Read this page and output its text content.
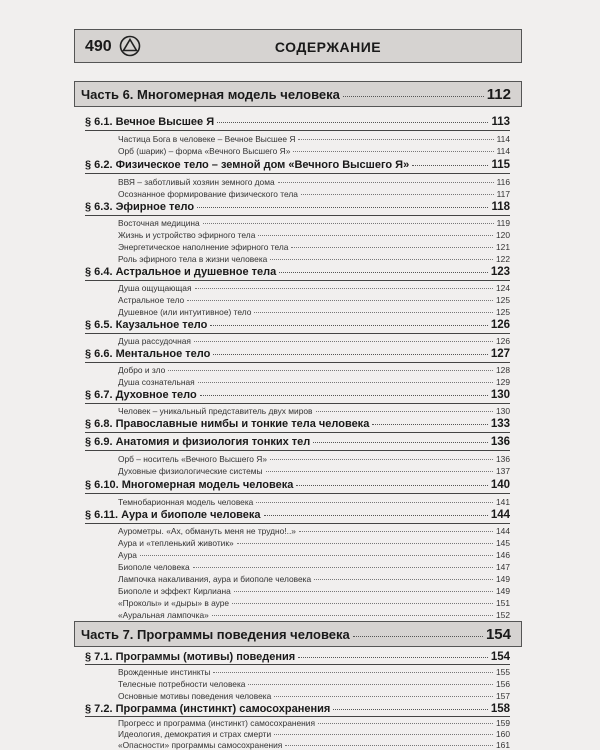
490	СОДЕРЖАНИЕ
Часть 6. Многомерная модель человека	112
§ 6.1. Вечное Высшее Я	113
Частица Бога в человеке – Вечное Высшее Я	114
Орб (шарик) – форма «Вечного Высшего Я»	114
§ 6.2. Физическое тело – земной дом «Вечного Высшего Я»	115
ВВЯ – заботливый хозяин земного дома	116
Осознанное формирование физического тела	117
§ 6.3. Эфирное тело	118
Восточная медицина	119
Жизнь и устройство эфирного тела	120
Энергетическое наполнение эфирного тела	121
Роль эфирного тела в жизни человека	122
§ 6.4. Астральное и душевное тела	123
Душа ощущающая	124
Астральное тело	125
Душевное (или интуитивное) тело	125
§ 6.5. Каузальное тело	126
Душа рассудочная	126
§ 6.6. Ментальное тело	127
Добро и зло	128
Душа сознательная	129
§ 6.7. Духовное тело	130
Человек – уникальный представитель двух миров	130
§ 6.8. Православные нимбы и тонкие тела человека	133
§ 6.9. Анатомия и физиология тонких тел	136
Орб – носитель «Вечного Высшего Я»	136
Духовные физиологические системы	137
§ 6.10. Многомерная модель человека	140
Темнобарионная модель человека	141
§ 6.11. Аура и биополе человека	144
Аурометры. «Ах, обмануть меня не трудно!..»	144
Аура и «тепленький животик»	145
Аура	146
Биополе человека	147
Лампочка накаливания, аура и биополе человека	149
Биополе и эффект Кирлиана	149
«Проколы» и «дыры» в ауре	151
«Ауральная лампочка»	152
Часть 7. Программы поведения человека	154
§ 7.1. Программы (мотивы) поведения	154
Врожденные инстинкты	155
Телесные потребности человека	156
Основные мотивы поведения человека	157
§ 7.2. Программа (инстинкт) самосохранения	158
Прогресс и программа (инстинкт) самосохранения	159
Идеология, демократия и страх смерти	160
«Опасности» программы самосохранения	161
